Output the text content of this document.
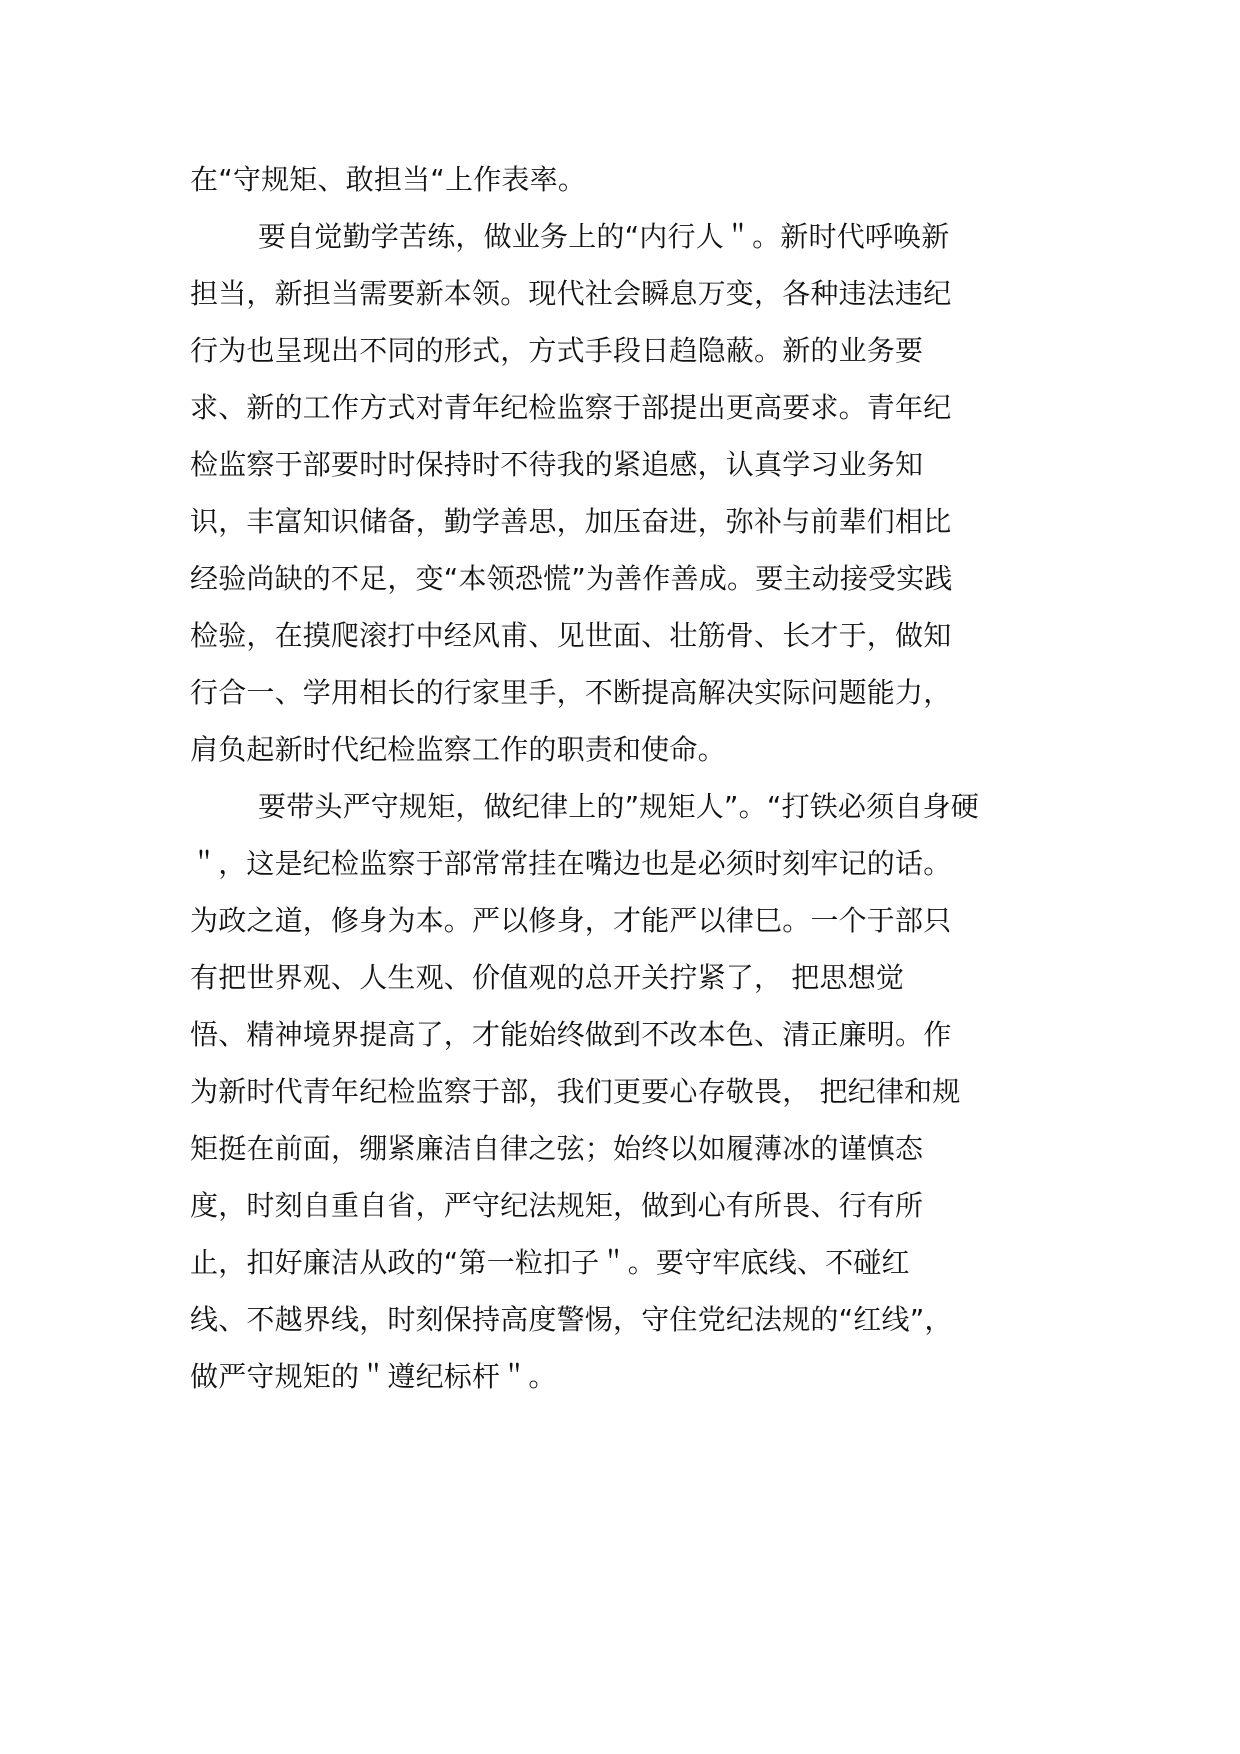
在“守规矩、敢担当“上作表率。
要自觉勤学苦练，做业务上的“内行人＂。新时代呼唤新
担当，新担当需要新本领。现代社会瞬息万变，各种违法违纪
行为也呈现出不同的形式，方式手段日趋隐蔽。新的业务要
求、新的工作方式对青年纪检监察于部提出更高要求。青年纪
检监察于部要时时保持时不待我的紧追感，认真学习业务知
识，丰富知识储备，勤学善思，加压奋进，弥补与前辈们相比
经验尚缺的不足，变“本领恐慌”为善作善成。要主动接受实践
检验，在摸爬滚打中经风甫、见世面、壮筋骨、长才于，做知
行合一、学用相长的行家里手，不断提高解决实际问题能力，
肩负起新时代纪检监察工作的职责和使命。
要带头严守规矩，做纪律上的”规矩人”。“打铁必须自身硬
＂，这是纪检监察于部常常挂在嘴边也是必须时刻牢记的话。
为政之道，修身为本。严以修身，才能严以律巳。一个于部只
有把世界观、人生观、价值观的总开关拧紧了， 把思想觉
悟、精神境界提高了，才能始终做到不改本色、清正廉明。作
为新时代青年纪检监察于部，我们更要心存敬畏， 把纪律和规
矩挺在前面，绷紧廉洁自律之弦；始终以如履薄冰的谨慎态
度，时刻自重自省，严守纪法规矩，做到心有所畏、行有所
止，扣好廉洁从政的“第一粒扣子＂。要守牢底线、不碰红
线、不越界线，时刻保持高度警惕，守住党纪法规的“红线”，
做严守规矩的＂遵纪标杆＂。
